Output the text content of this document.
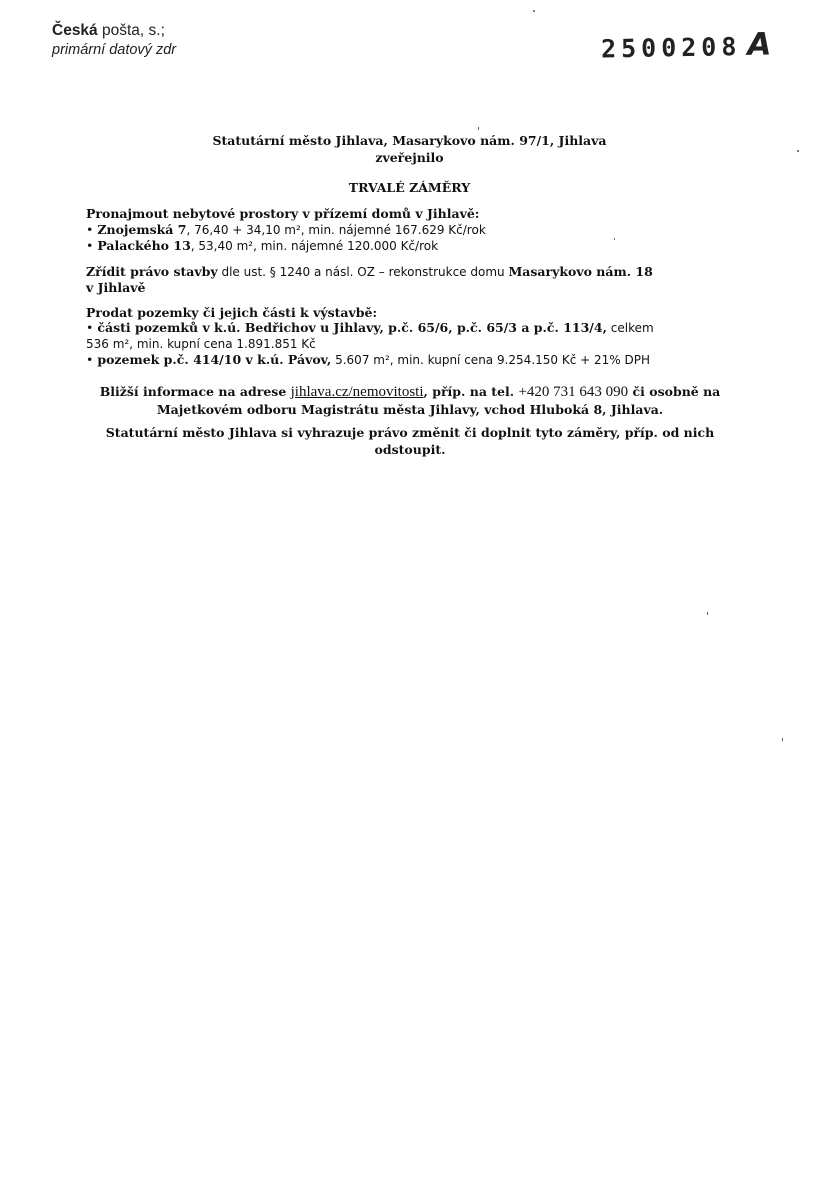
Česká pošta, s.;
primární datový zdr	2500208 A
Statutární město Jihlava, Masarykovo nám. 97/1, Jihlava
zveřejnilo
TRVALÉ ZÁMĚRY
Pronajmout nebytové prostory v přízemí domů v Jihlavě:
• Znojemská 7, 76,40 + 34,10 m², min. nájemné 167.629 Kč/rok
• Palackého 13, 53,40 m², min. nájemné 120.000 Kč/rok
Zřídit právo stavby dle ust. § 1240 a násl. OZ – rekonstrukce domu Masarykovo nám. 18
v Jihlavě
Prodat pozemky či jejich části k výstavbě:
• části pozemků v k.ú. Bedřichov u Jihlavy, p.č. 65/6, p.č. 65/3 a p.č. 113/4, celkem
536 m², min. kupní cena 1.891.851 Kč
• pozemek p.č. 414/10 v k.ú. Pávov, 5.607 m², min. kupní cena 9.254.150 Kč + 21% DPH
Bližší informace na adrese jihlava.cz/nemovitosti, příp. na tel. +420 731 643 090 či osobně na
Majetkovém odboru Magistrátu města Jihlavy, vchod Hluboká 8, Jihlava.
Statutární město Jihlava si vyhrazuje právo změnit či doplnit tyto záměry, příp. od nich
odstoupit.
